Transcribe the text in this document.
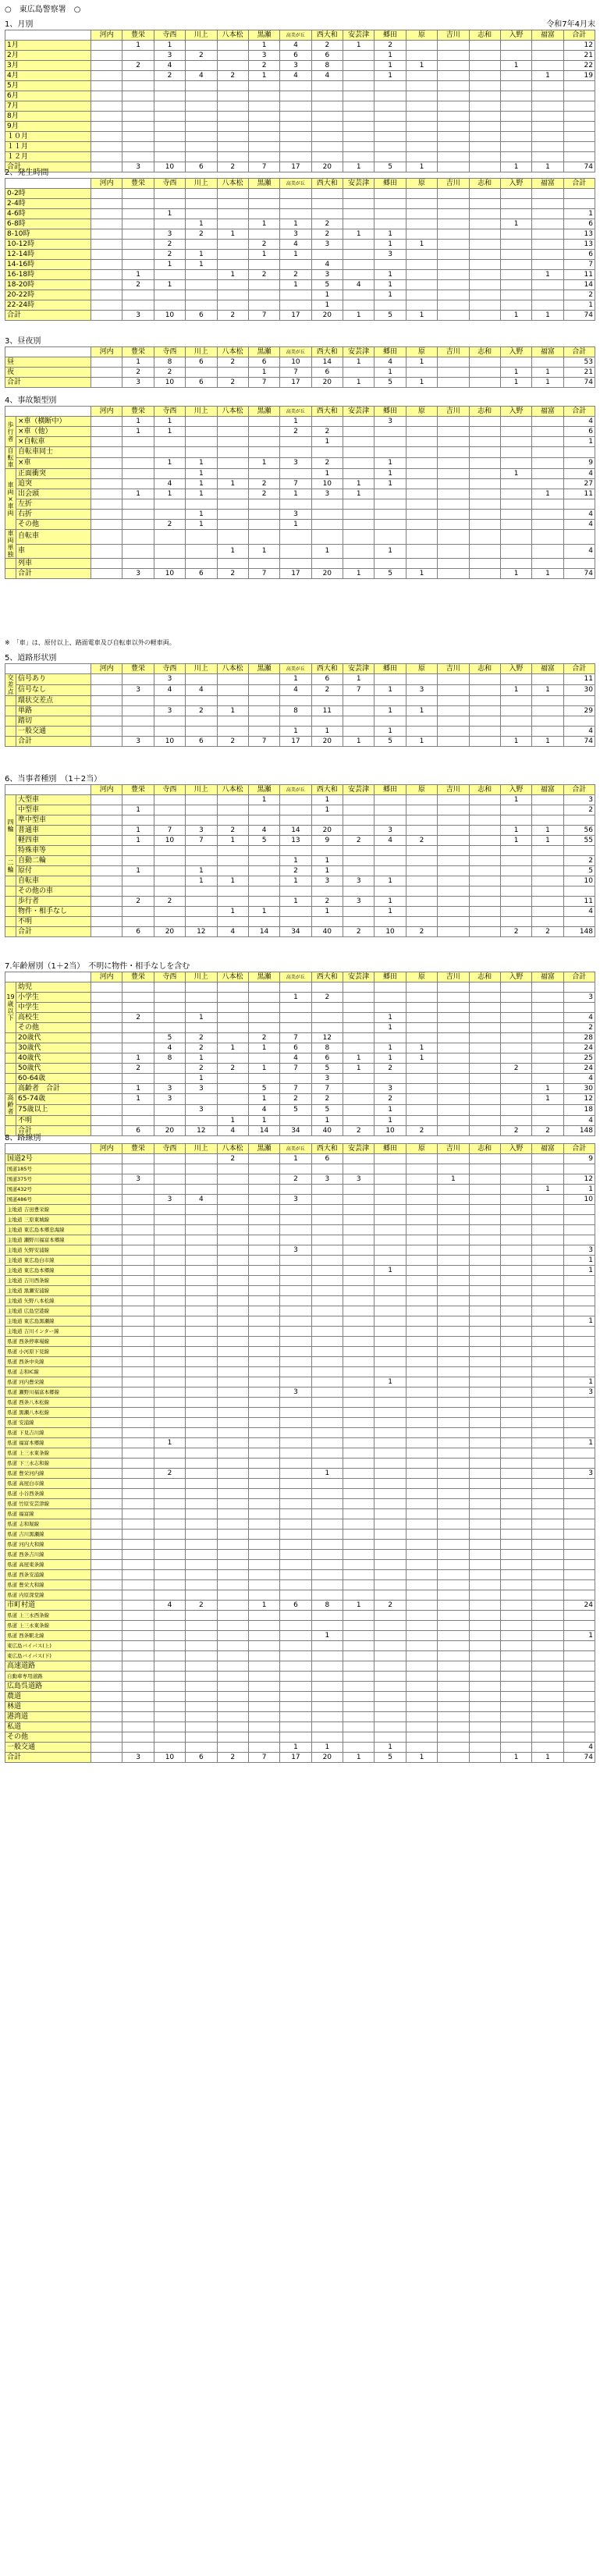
○　東広島警察署　○
1、月別	令和7年4月末
	河内	豊栄	寺西	川上	八本松	黒瀬	高美が丘	西大和	安芸津	郷田	原	吉川	志和	入野	福富	合計
1月		1	1			1	4	2	1	2						12
2月			3	2		3	6	6		1						21
3月		2	4			2	3	8		1	1			1		22
4月			2	4	2	1	4	4		1					1	19
5月																
6月																
7月																
8月																
9月																
１０月																
１１月																
１２月																
合計		3	10	6	2	7	17	20	1	5	1			1	1	74
2、発生時間
	河内	豊栄	寺西	川上	八本松	黒瀬	高美が丘	西大和	安芸津	郷田	原	吉川	志和	入野	福富	合計
0-2時																
2-4時																
4-6時			1													1
6-8時				1		1	1	2						1		6
8-10時			3	2	1		3	2	1	1						13
10-12時			2			2	4	3		1	1					13
12-14時			2	1		1	1			3						6
14-16時			1	1				4								7
16-18時		1			1	2	2	3		1					1	11
18-20時		2	1				1	5	4	1						14
20-22時								1		1						2
22-24時								1								1
合計		3	10	6	2	7	17	20	1	5	1			1	1	74
3、昼夜別
	河内	豊栄	寺西	川上	八本松	黒瀬	高美が丘	西大和	安芸津	郷田	原	吉川	志和	入野	福富	合計
昼		1	8	6	2	6	10	14	1	4	1					53
夜		2	2			1	7	6		1				1	1	21
合計		3	10	6	2	7	17	20	1	5	1			1	1	74
4、事故類型別
		河内	豊栄	寺西	川上	八本松	黒瀬	高美が丘	西大和	安芸津	郷田	原	吉川	志和	入野	福富	合計
歩行者	×車（横断中）		1	1				1			3						4
	×車（他）		1	1				2	2								6
	×自転車								1								1
自転車	自転車同士																
	×車			1	1		1	3	2		1						9
車両×車両	正面衝突				1				1		1				1		4
	追突			4	1	1	2	7	10	1	1						27
	出会頭		1	1	1		2	1	3	1						1	11
	左折																
	右折				1			3									4
	その他			2	1			1									4
車両単独	自転車																
	車					1	1		1		1						4
	列車																
	合計		3	10	6	2	7	17	20	1	5	1			1	1	74
※　「車」は、原付以上、路面電車及び自転車以外の軽車両。
5、道路形状別
		河内	豊栄	寺西	川上	八本松	黒瀬	高美が丘	西大和	安芸津	郷田	原	吉川	志和	入野	福富	合計
交差点	信号あり			3				1	6	1							11
	信号なし		3	4	4			4	2	7	1	3			1	1	30
	環状交差点																
	単路			3	2	1		8	11		1	1					29
	踏切																
	一般交通							1	1		1						4
	合計		3	10	6	2	7	17	20	1	5	1			1	1	74
6、当事者種別　（1＋2当）
		河内	豊栄	寺西	川上	八本松	黒瀬	高美が丘	西大和	安芸津	郷田	原	吉川	志和	入野	福富	合計
四輪	大型車						1		1						1		3
	中型車		1						1								2
	準中型車																
	普通車		1	7	3	2	4	14	20		3				1	1	56
	軽四車		1	10	7	1	5	13	9	2	4	2			1	1	55
	特殊車等																
二輪	自動二輪							1	1								2
	原付		1		1			2	1								5
	自転車				1	1		1	3	3	1						10
	その他の車																
	歩行者		2	2				1	2	3	1						11
	物件・相手なし					1	1		1		1						4
	不明																
	合計		6	20	12	4	14	34	40	2	10	2			2	2	148
7.年齢層別（1＋2当）　不明に物件・相手なしを含む
		河内	豊栄	寺西	川上	八本松	黒瀬	高美が丘	西大和	安芸津	郷田	原	吉川	志和	入野	福富	合計
19歳以下	幼児																
	小学生							1	2								3
	中学生																
	高校生		2		1						1						4
	その他										1						2
	20歳代			5	2		2	7	12								28
	30歳代			4	2	1	1	6	8		1	1					24
	40歳代		1	8	1			4	6	1	1	1					25
	50歳代		2		2	2	1	7	5	1	2				2		24
	60-64歳				1				3								4
	高齢者　合計		1	3	3		5	7	7		3					1	30
高齢者	65-74歳		1	3			1	2	2		2					1	12
	75歳以上				3		4	5	5		1						18
	不明					1	1		1		1						4
	合計		6	20	12	4	14	34	40	2	10	2			2	2	148
8、路線別
	河内	豊栄	寺西	川上	八本松	黒瀬	高美が丘	西大和	安芸津	郷田	原	吉川	志和	入野	福富	合計
国道2号					2		1	6								9
国道185号																
国道375号		3					2	3	3			1				12
国道432号															1	1
国道486号			3	4			3									10
主地道 吉田豊栄線																
主地道 三原東城線																
主地道 東広島本郷忠海線																
主地道 瀬野川福富本郷線																
主地道 矢野安浦線							3									3
主地道 東広島白市線																1
主地道 東広島本郷線										1						1
主地道 吉川西条線																
主地道 黒瀬安浦線																
主地道 矢野八本松線																
主地道 広島空港線																
主地道 東広島黒瀬線																1
主地道 吉川インター線																
県道 西条停車場線																
県道 小河原下見線																
県道 西条中央線																
県道 志和IC線																
県道 河内豊栄線										1						1
県道 瀬野川福富本郷線							3									3
県道 西条八本松線																
県道 黒瀬八本松線																
県道 安浦線																
県道 下見吉川線																
県道 福富本郷線			1													1
県道 上三永東条線																
県道 下三永志和線																
県道 豊栄河内線			2					1								3
県道 高屋白市線																
県道 小谷西条線																
県道 竹原安芸津線																
県道 福富線																
県道 志和堀線																
県道 吉川黒瀬線																
県道 河内大和線																
県道 西条吉川線																
県道 高屋東条線																
県道 西条安浦線																
県道 豊栄大和線																
県道 内原深堂線																
市町村道			4	2		1	6	8	1	2						24
県道 上三永西条線																
県道 上三永東条線																
県道 西条駅北線								1								1
東広島バイパス(上)																
東広島バイパス(下)																
高速道路																
自動車専用道路																
広島呉道路																
農道																
林道																
港湾道																
私道																
その他																
一般交通							1	1		1						4
合計		3	10	6	2	7	17	20	1	5	1			1	1	74
